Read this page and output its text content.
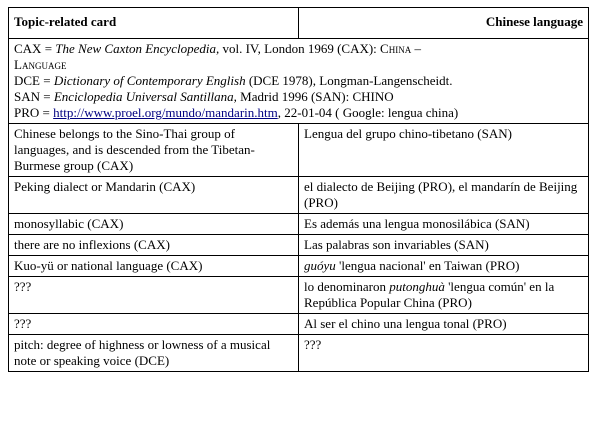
Topic-related card	Chinese language

CAX = The New Caxton Encyclopedia, vol. IV, London 1969 (CAX): China –
Language
DCE = Dictionary of Contemporary English (DCE 1978), Longman-Langenscheidt.
SAN = Enciclopedia Universal Santillana, Madrid 1996 (SAN): CHINO
PRO = http://www.proel.org/mundo/mandarin.htm, 22-01-04 ( Google: lengua china)	

Chinese belongs to the Sino-Thai group of languages, and is descended from the Tibetan-Burmese group (CAX)	Lengua del grupo chino-tibetano (SAN)
Peking dialect or Mandarin (CAX)	el dialecto de Beijing (PRO), el mandarín de Beijing (PRO)
monosyllabic (CAX)	Es además una lengua monosilábica (SAN)
there are no inflexions (CAX)	Las palabras son invariables (SAN)
Kuo-yü or national language (CAX)	guóyu 'lengua nacional' en Taiwan (PRO)
???	lo denominaron putonghuà 'lengua común' en la República Popular China (PRO)
???	Al ser el chino una lengua tonal (PRO)
pitch: degree of highness or lowness of a musical note or speaking voice (DCE)	???
